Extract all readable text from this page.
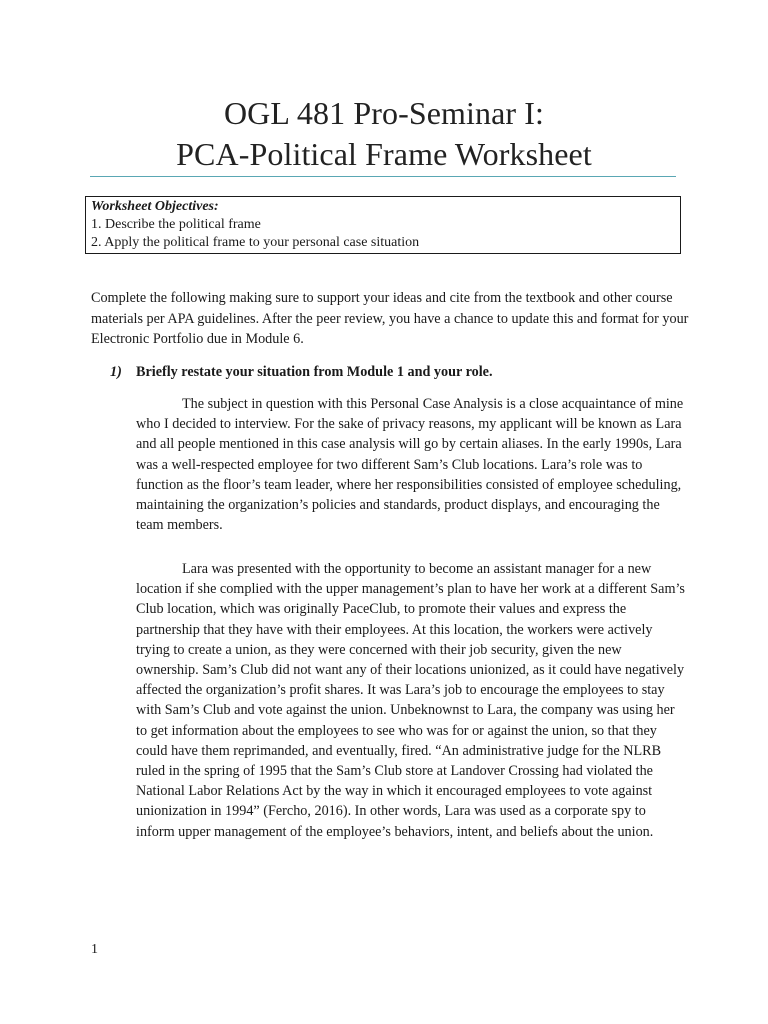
OGL 481 Pro-Seminar I:
PCA-Political Frame Worksheet
Worksheet Objectives:
1. Describe the political frame
2. Apply the political frame to your personal case situation

Complete the following making sure to support your ideas and cite from the textbook and other course materials per APA guidelines. After the peer review, you have a chance to update this and format for your Electronic Portfolio due in Module 6.

1) Briefly restate your situation from Module 1 and your role.

The subject in question with this Personal Case Analysis is a close acquaintance of mine who I decided to interview. For the sake of privacy reasons, my applicant will be known as Lara and all people mentioned in this case analysis will go by certain aliases. In the early 1990s, Lara was a well-respected employee for two different Sam’s Club locations. Lara’s role was to function as the floor’s team leader, where her responsibilities consisted of employee scheduling, maintaining the organization’s policies and standards, product displays, and encouraging the team members.

Lara was presented with the opportunity to become an assistant manager for a new location if she complied with the upper management’s plan to have her work at a different Sam’s Club location, which was originally PaceClub, to promote their values and express the partnership that they have with their employees. At this location, the workers were actively trying to create a union, as they were concerned with their job security, given the new ownership. Sam’s Club did not want any of their locations unionized, as it could have negatively affected the organization’s profit shares. It was Lara’s job to encourage the employees to stay with Sam’s Club and vote against the union. Unbeknownst to Lara, the company was using her to get information about the employees to see who was for or against the union, so that they could have them reprimanded, and eventually, fired. “An administrative judge for the NLRB ruled in the spring of 1995 that the Sam’s Club store at Landover Crossing had violated the National Labor Relations Act by the way in which it encouraged employees to vote against unionization in 1994” (Fercho, 2016). In other words, Lara was used as a corporate spy to inform upper management of the employee’s behaviors, intent, and beliefs about the union.

1
